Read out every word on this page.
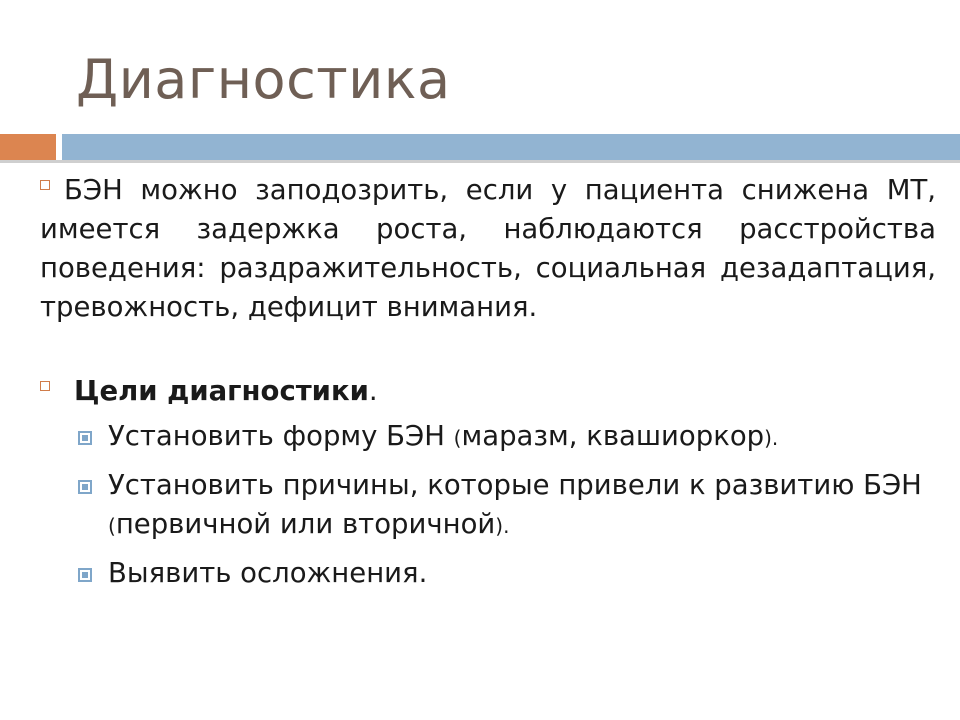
Диагностика

БЭН можно заподозрить, если у пациента снижена МТ, имеется задержка роста, наблюдаются расстройства поведения: раздражительность, социальная дезадаптация, тревожность, дефицит внимания.

Цели диагностики.

Установить форму БЭН (маразм, квашиоркор).
Установить причины, которые привели к развитию БЭН (первичной или вторичной).
Выявить осложнения.
